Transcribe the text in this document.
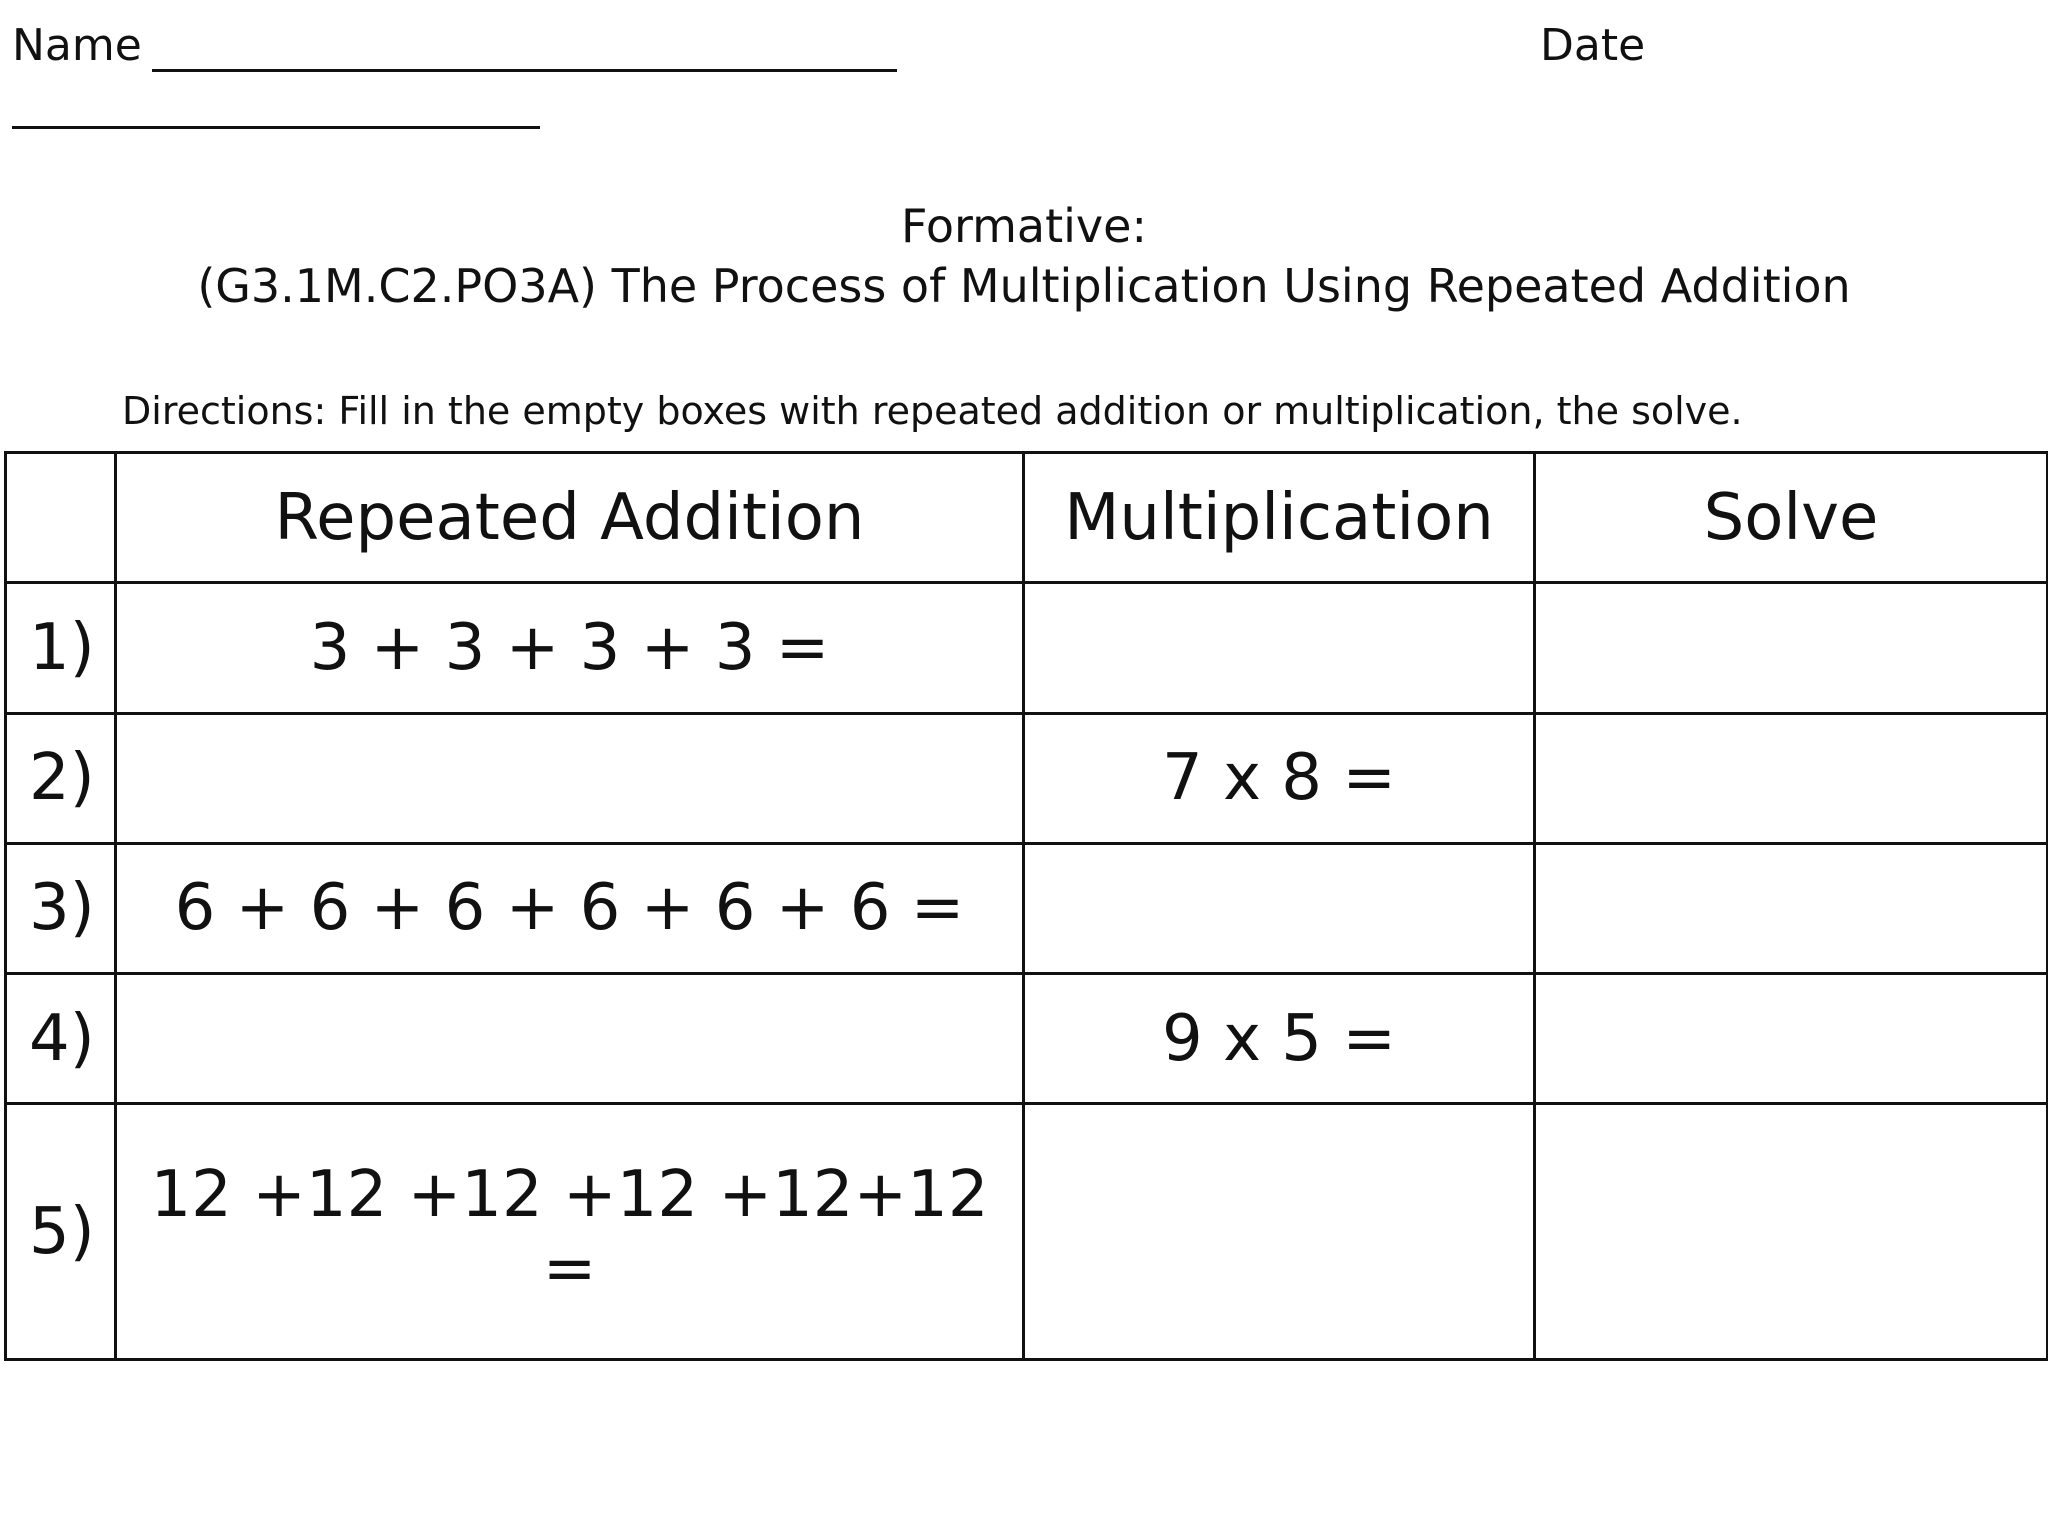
Name	Date
Formative:
(G3.1M.C2.PO3A) The Process of Multiplication Using Repeated Addition
Directions: Fill in the empty boxes with repeated addition or multiplication, the solve.
	Repeated Addition	Multiplication	Solve
1)	3 + 3 + 3 + 3 =		
2)		7 x 8 =	
3)	6 + 6 + 6 + 6 + 6 + 6 =		
4)		9 x 5 =	
5)	12 +12 +12 +12 +12+12 =		
